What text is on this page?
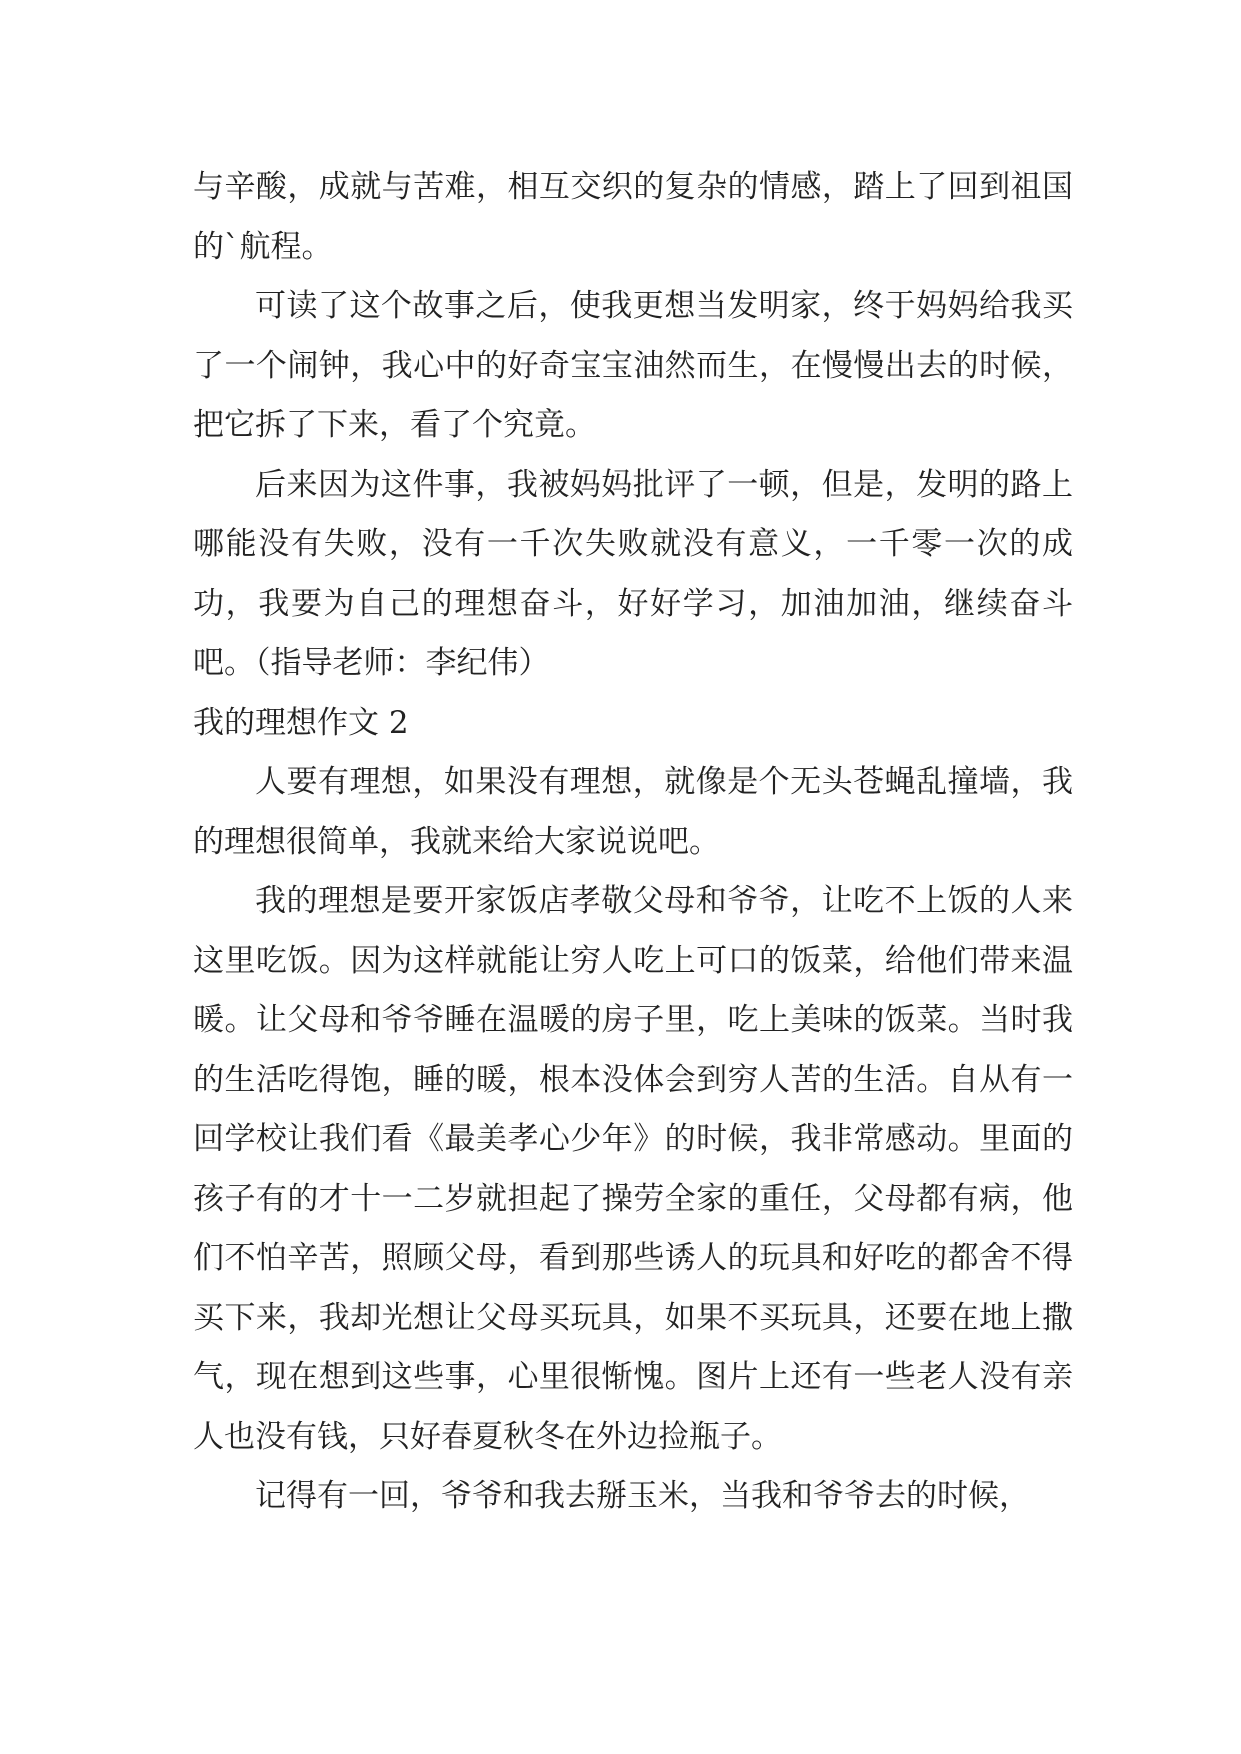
与辛酸，成就与苦难，相互交织的复杂的情感，踏上了回到祖国的`航程。

可读了这个故事之后，使我更想当发明家，终于妈妈给我买了一个闹钟，我心中的好奇宝宝油然而生，在慢慢出去的时候，把它拆了下来，看了个究竟。

后来因为这件事，我被妈妈批评了一顿，但是，发明的路上哪能没有失败，没有一千次失败就没有意义，一千零一次的成功，我要为自己的理想奋斗，好好学习，加油加油，继续奋斗吧。（指导老师：李纪伟）

我的理想作文 2

人要有理想，如果没有理想，就像是个无头苍蝇乱撞墙，我的理想很简单，我就来给大家说说吧。

我的理想是要开家饭店孝敬父母和爷爷，让吃不上饭的人来这里吃饭。因为这样就能让穷人吃上可口的饭菜，给他们带来温暖。让父母和爷爷睡在温暖的房子里，吃上美味的饭菜。当时我的生活吃得饱，睡的暖，根本没体会到穷人苦的生活。自从有一回学校让我们看《最美孝心少年》的时候，我非常感动。里面的孩子有的才十一二岁就担起了操劳全家的重任，父母都有病，他们不怕辛苦，照顾父母，看到那些诱人的玩具和好吃的都舍不得买下来，我却光想让父母买玩具，如果不买玩具，还要在地上撒气，现在想到这些事，心里很惭愧。图片上还有一些老人没有亲人也没有钱，只好春夏秋冬在外边捡瓶子。

记得有一回，爷爷和我去掰玉米，当我和爷爷去的时候，
